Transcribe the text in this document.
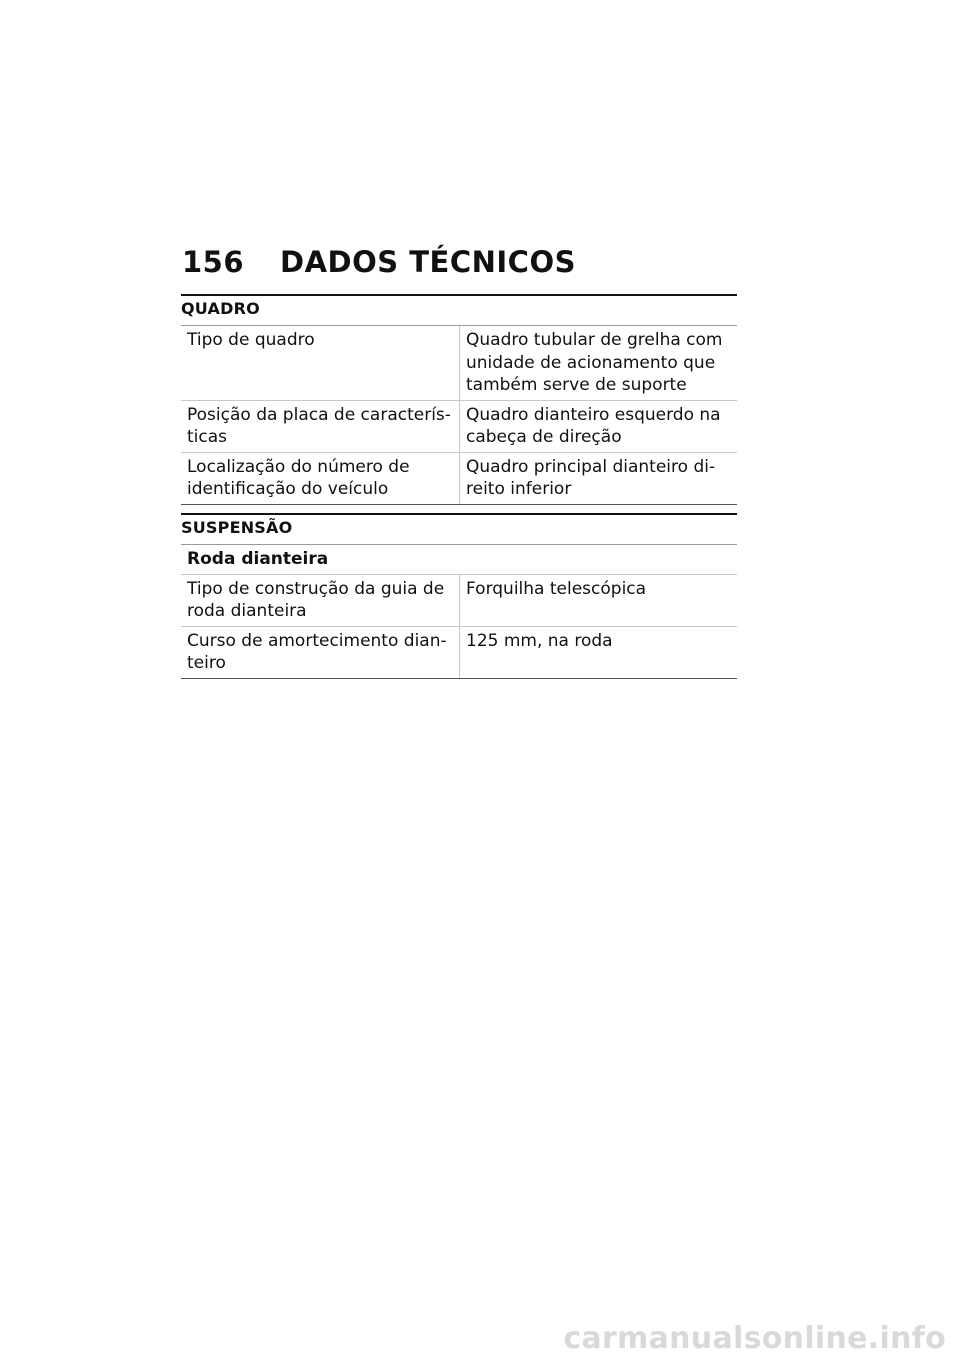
156 DADOS TÉCNICOS
QUADRO
Tipo de quadro	Quadro tubular de grelha com unidade de acionamento que também serve de suporte
Posição da placa de caracterís-ticas	Quadro dianteiro esquerdo na cabeça de direção
Localização do número de identificação do veículo	Quadro principal dianteiro di-reito inferior
SUSPENSÃO
Roda dianteira	
Tipo de construção da guia de roda dianteira	Forquilha telescópica
Curso de amortecimento dian-teiro	125 mm, na roda
carmanualsonline.info
